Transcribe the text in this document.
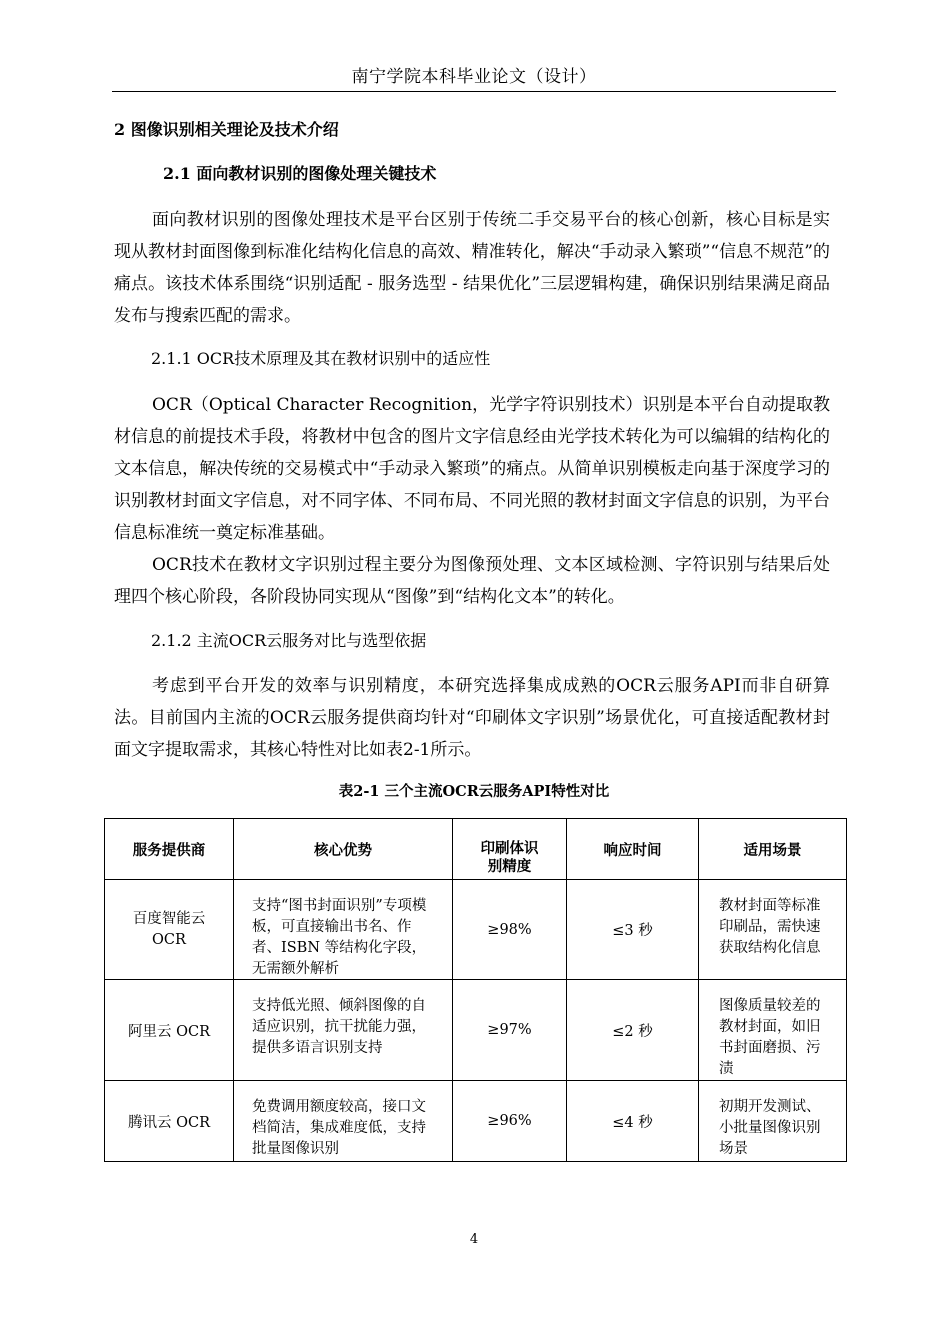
南宁学院本科毕业论文（设计）
2 图像识别相关理论及技术介绍
2.1 面向教材识别的图像处理关键技术

面向教材识别的图像处理技术是平台区别于传统二手交易平台的核心创新，核心目标是实现从教材封面图像到标准化结构化信息的高效、精准转化，解决“手动录入繁琐”“信息不规范”的痛点。该技术体系围绕“识别适配 - 服务选型 - 结果优化”三层逻辑构建，确保识别结果满足商品发布与搜索匹配的需求。

2.1.1 OCR技术原理及其在教材识别中的适应性

OCR（Optical Character Recognition，光学字符识别技术）识别是本平台自动提取教材信息的前提技术手段，将教材中包含的图片文字信息经由光学技术转化为可以编辑的结构化的文本信息，解决传统的交易模式中“手动录入繁琐”的痛点。从简单识别模板走向基于深度学习的识别教材封面文字信息，对不同字体、不同布局、不同光照的教材封面文字信息的识别，为平台信息标准统一奠定标准基础。

OCR技术在教材文字识别过程主要分为图像预处理、文本区域检测、字符识别与结果后处理四个核心阶段，各阶段协同实现从“图像”到“结构化文本”的转化。

2.1.2 主流OCR云服务对比与选型依据

考虑到平台开发的效率与识别精度，本研究选择集成成熟的OCR云服务API而非自研算法。目前国内主流的OCR云服务提供商均针对“印刷体文字识别”场景优化，可直接适配教材封面文字提取需求，其核心特性对比如表2-1所示。

表2-1 三个主流OCR云服务API特性对比
服务提供商	核心优势	印刷体识别精度	响应时间	适用场景

百度智能云OCR	支持“图书封面识别”专项模板，可直接输出书名、作者、ISBN 等结构化字段，无需额外解析	≥98%	≤3 秒	教材封面等标准印刷品，需快速获取结构化信息

阿里云 OCR	支持低光照、倾斜图像的自适应识别，抗干扰能力强，提供多语言识别支持	≥97%	≤2 秒	图像质量较差的教材封面，如旧书封面磨损、污渍

腾讯云 OCR	免费调用额度较高，接口文档简洁，集成难度低，支持批量图像识别	≥96%	≤4 秒	初期开发测试、小批量图像识别场景
4
